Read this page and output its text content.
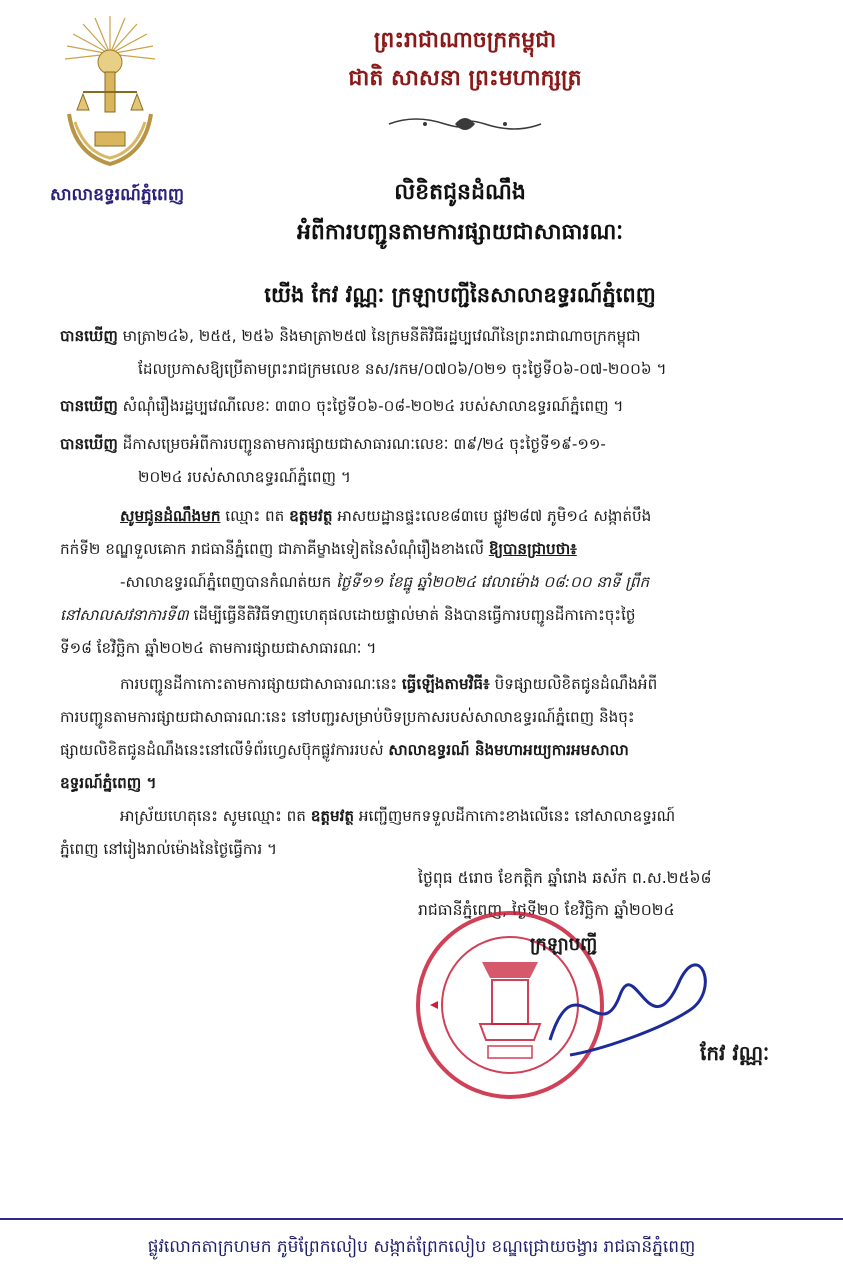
សាលាឧទ្ធរណ៍ភ្នំពេញ
ព្រះរាជាណាចក្រកម្ពុជា
ជាតិ សាសនា ព្រះមហាក្សត្រ
លិខិតជូនដំណឹង
អំពីការបញ្ជូនតាមការផ្សាយជាសាធារណៈ
យើង កែវ វណ្ណៈ ក្រឡាបញ្ជីនៃសាលាឧទ្ធរណ៍ភ្នំពេញ
បានឃើញ មាត្រា២៤៦, ២៥៥, ២៥៦ និងមាត្រា២៥៧ នៃក្រមនីតិវិធីរដ្ឋប្បវេណីនៃព្រះរាជាណាចក្រកម្ពុជា
ដែលប្រកាសឱ្យប្រើតាមព្រះរាជក្រមលេខ នស/រកម/០៧០៦/០២១ ចុះថ្ងៃទី០៦-០៧-២០០៦ ។
បានឃើញ សំណុំរឿងរដ្ឋប្បវេណីលេខៈ ៣៣០ ចុះថ្ងៃទី០៦-០៨-២០២៤ របស់សាលាឧទ្ធរណ៍ភ្នំពេញ ។
បានឃើញ ដីកាសម្រេចអំពីការបញ្ជូនតាមការផ្សាយជាសាធារណៈលេខៈ ៣៩/២៤ ចុះថ្ងៃទី១៩-១១-
២០២៤ របស់សាលាឧទ្ធរណ៍ភ្នំពេញ ។
សូមជូនដំណឹងមក ឈ្មោះ ពត ឧត្តមវត្ថ អាសយដ្ឋានផ្ទះលេខ៨៣បេ ផ្លូវ២៨៧ ភូមិ១៤ សង្កាត់បឹង
កក់ទី២ ខណ្ឌទួលគោក រាជធានីភ្នំពេញ ជាភាគីម្ខាងទៀតនៃសំណុំរឿងខាងលើ ឱ្យបានជ្រាបថា៖
-សាលាឧទ្ធរណ៍ភ្នំពេញបានកំណត់យក ថ្ងៃទី១១ ខែធ្នូ ឆ្នាំ២០២៤ វេលាម៉ោង ០៨:០០ នាទី ព្រឹក
នៅសាលសវនាការទី៣ ដើម្បីធ្វើនីតិវិធីទាញហេតុផលដោយផ្ទាល់មាត់ និងបានធ្វើការបញ្ជូនដីកាកោះចុះថ្ងៃ
ទី១៨ ខែវិច្ឆិកា ឆ្នាំ២០២៤ តាមការផ្សាយជាសាធារណៈ ។
ការបញ្ជូនដីកាកោះតាមការផ្សាយជាសាធារណៈនេះ ធ្វើឡើងតាមវិធី៖ បិទផ្សាយលិខិតជូនដំណឹងអំពី
ការបញ្ជូនតាមការផ្សាយជាសាធារណៈនេះ នៅបញ្ជរសម្រាប់បិទប្រកាសរបស់សាលាឧទ្ធរណ៍ភ្នំពេញ និងចុះ
ផ្សាយលិខិតជូនដំណឹងនេះនៅលើទំព័រហ្វេសប៊ុកផ្លូវការរបស់ សាលាឧទ្ធរណ៍ និងមហាអយ្យការអមសាលា
ឧទ្ធរណ៍ភ្នំពេញ ។
អាស្រ័យហេតុនេះ សូមឈ្មោះ ពត ឧត្តមវត្ថ អញ្ជើញមកទទួលដីកាកោះខាងលើនេះ នៅសាលាឧទ្ធរណ៍
ភ្នំពេញ នៅរៀងរាល់ម៉ោងនៃថ្ងៃធ្វើការ ។
ថ្ងៃពុធ ៥រោច ខែកត្តិក ឆ្នាំរោង ឆស័ក ព.ស.២៥៦៨
រាជធានីភ្នំពេញ, ថ្ងៃទី២០ ខែវិច្ឆិកា ឆ្នាំ២០២៤
ក្រឡាបញ្ជី
កែវ វណ្ណៈ
ផ្លូវលោកតាក្រហមក ភូមិព្រែកលៀប សង្កាត់ព្រែកលៀប ខណ្ឌជ្រោយចង្វារ រាជធានីភ្នំពេញ
